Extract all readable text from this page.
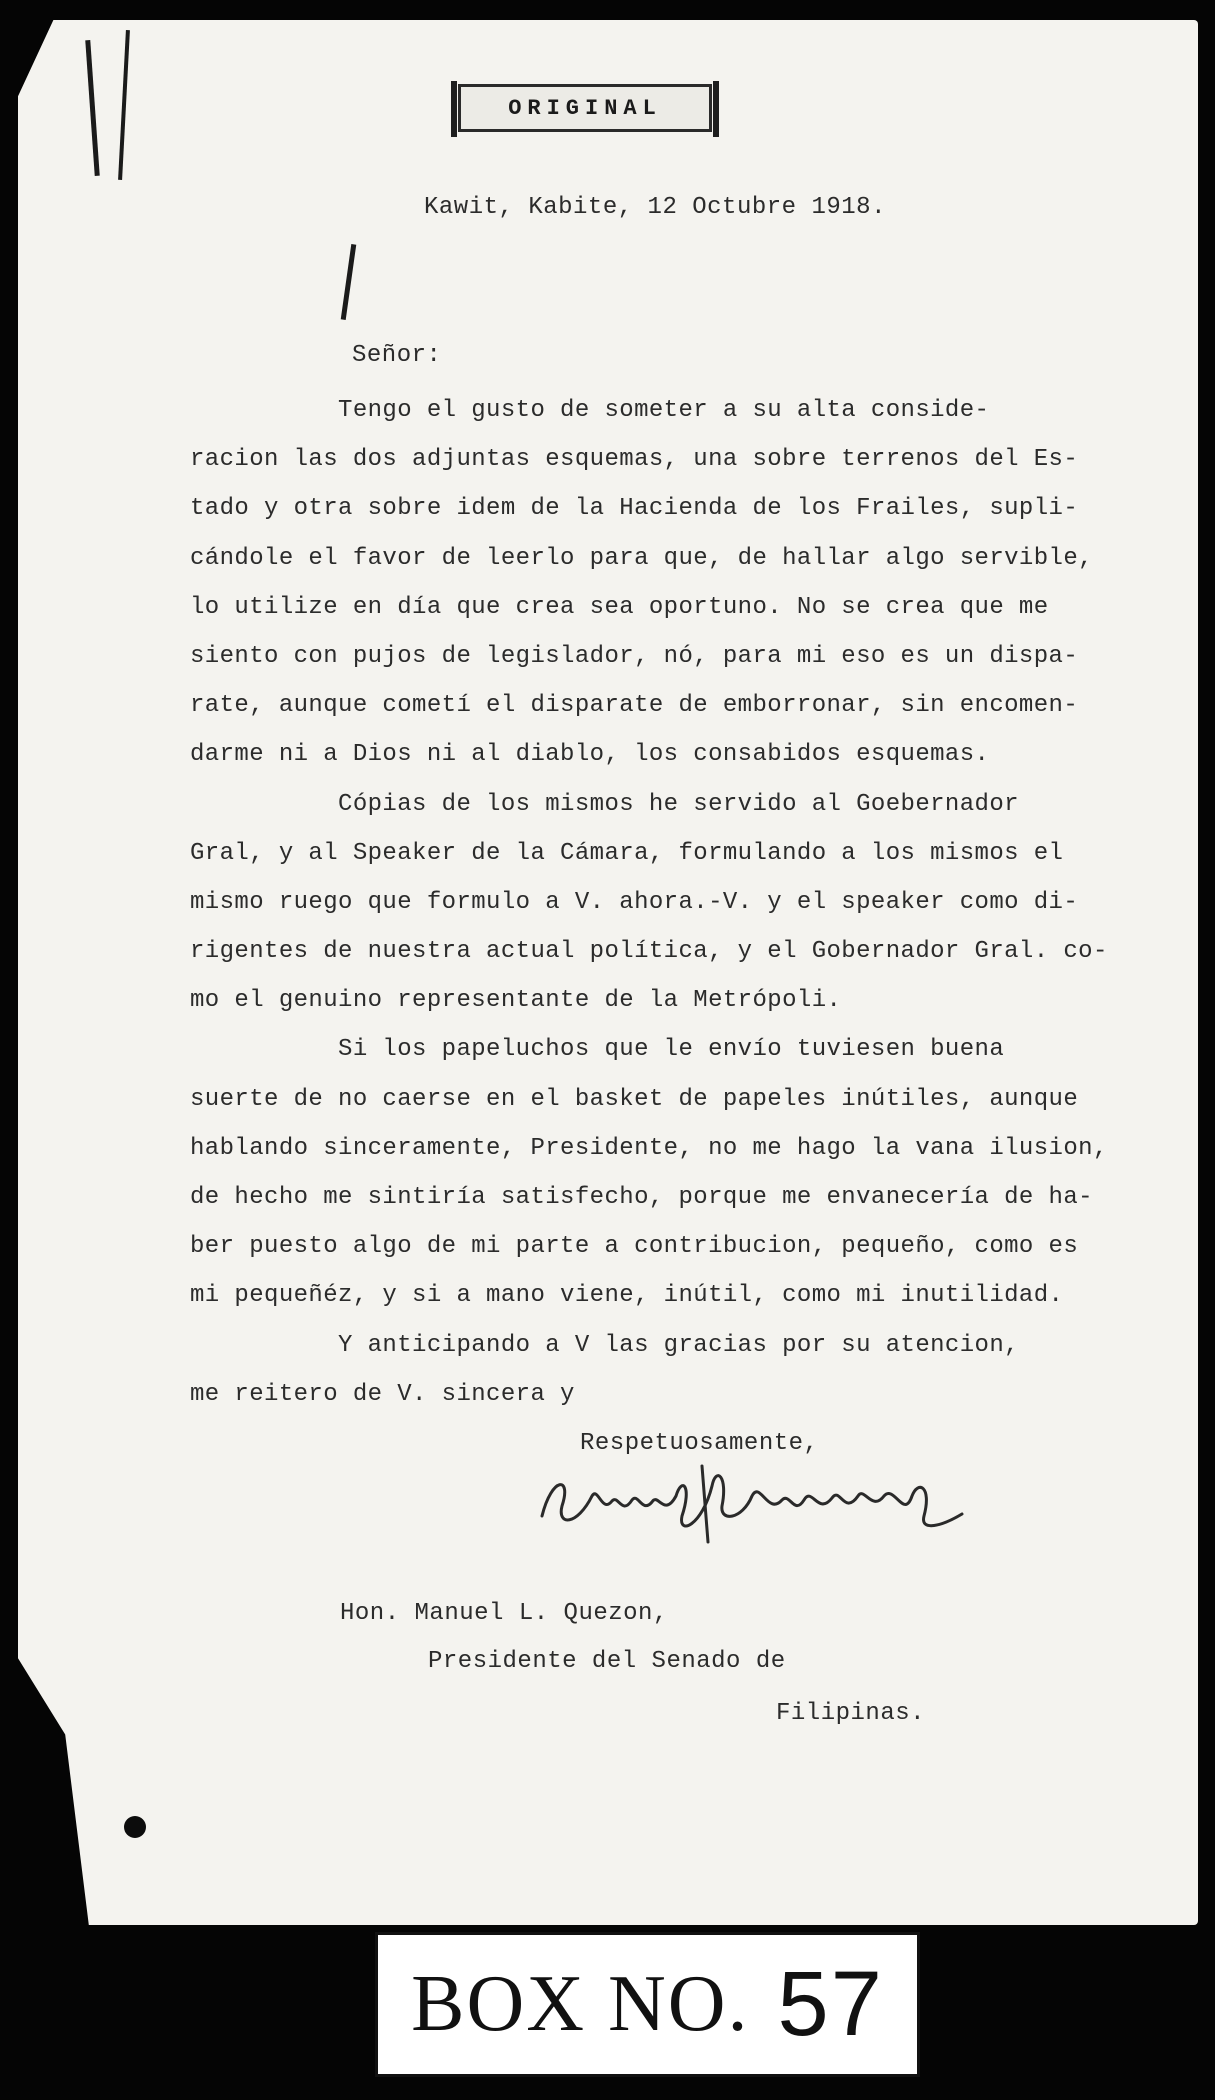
ORIGINAL
Kawit, Kabite, 12 Octubre 1918.
Señor:
Tengo el gusto de someter a su alta conside-
racion las dos adjuntas esquemas, una sobre terrenos del Es-
tado y otra sobre idem de la Hacienda de los Frailes, supli-
cándole el favor de leerlo para que, de hallar algo servible,
lo utilize en día que crea sea oportuno. No se crea que me
siento con pujos de legislador, nó, para mi eso es un dispa-
rate, aunque cometí el disparate de emborronar, sin encomen-
darme ni a Dios ni al diablo, los consabidos esquemas.
Cópias de los mismos he servido al Goebernador
Gral, y al Speaker de la Cámara, formulando a los mismos el
mismo ruego que formulo a V. ahora.-V. y el speaker como di-
rigentes de nuestra actual política, y el Gobernador Gral. co-
mo el genuino representante de la Metrópoli.
Si los papeluchos que le envío tuviesen buena
suerte de no caerse en el basket de papeles inútiles, aunque
hablando sinceramente, Presidente, no me hago la vana ilusion,
de hecho me sintiría satisfecho, porque me envanecería de ha-
ber puesto algo de mi parte a contribucion, pequeño, como es
mi pequeñéz, y si a mano viene, inútil, como mi inutilidad.
Y anticipando a V las gracias por su atencion,
me reitero de V. sincera y
Respetuosamente,
Hon. Manuel L. Quezon,
Presidente del Senado de
Filipinas.
BOX NO. 57
